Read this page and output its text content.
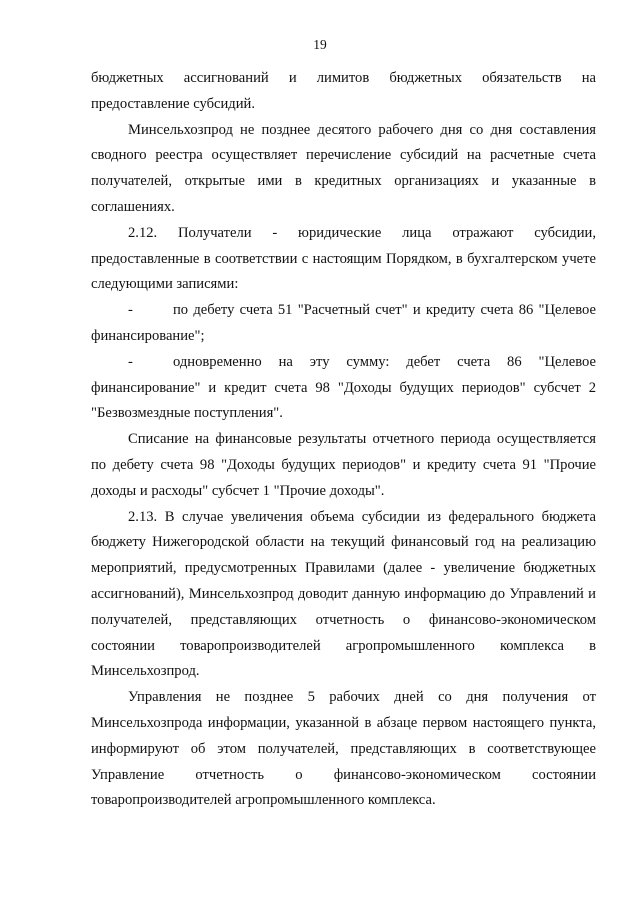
19

бюджетных ассигнований и лимитов бюджетных обязательств на предоставление субсидий.

Минсельхозпрод не позднее десятого рабочего дня со дня составления сводного реестра осуществляет перечисление субсидий на расчетные счета получателей, открытые ими в кредитных организациях и указанные в соглашениях.

2.12. Получатели - юридические лица отражают субсидии, предоставленные в соответствии с настоящим Порядком, в бухгалтерском учете следующими записями:

-	по дебету счета 51 "Расчетный счет" и кредиту счета 86 "Целевое финансирование";

-	одновременно на эту сумму: дебет счета 86 "Целевое финансирование" и кредит счета 98 "Доходы будущих периодов" субсчет 2 "Безвозмездные поступления".

Списание на финансовые результаты отчетного периода осуществляется по дебету счета 98 "Доходы будущих периодов" и кредиту счета 91 "Прочие доходы и расходы" субсчет 1 "Прочие доходы".

2.13. В случае увеличения объема субсидии из федерального бюджета бюджету Нижегородской области на текущий финансовый год на реализацию мероприятий, предусмотренных Правилами (далее - увеличение бюджетных ассигнований), Минсельхозпрод доводит данную информацию до Управлений и получателей, представляющих отчетность о финансово-экономическом состоянии товаропроизводителей агропромышленного комплекса в Минсельхозпрод.

Управления не позднее 5 рабочих дней со дня получения от Минсельхозпрода информации, указанной в абзаце первом настоящего пункта, информируют об этом получателей, представляющих в соответствующее Управление отчетность о финансово-экономическом состоянии товаропроизводителей агропромышленного комплекса.
